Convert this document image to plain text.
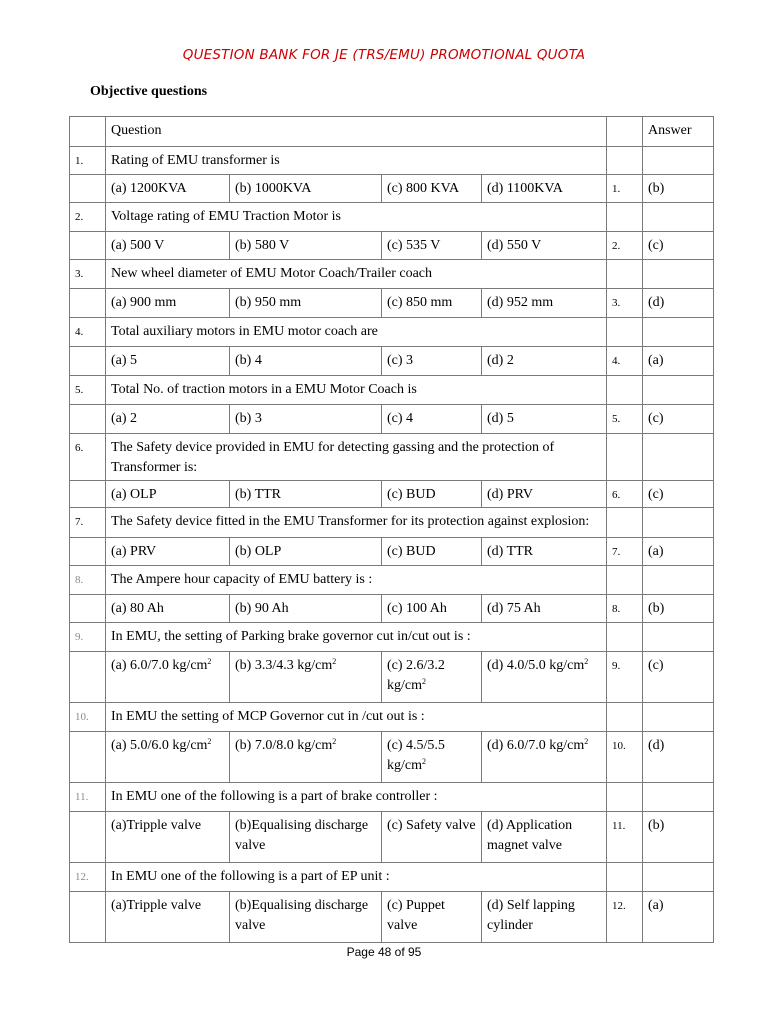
QUESTION BANK FOR JE (TRS/EMU) PROMOTIONAL QUOTA
Objective questions
	Question					Answer
1.	Rating of EMU transformer is					
	(a) 1200KVA	(b) 1000KVA	(c) 800 KVA	(d) 1100KVA	1.	(b)
2.	Voltage rating of EMU Traction Motor is					
	(a) 500 V	(b) 580 V	(c) 535 V	(d) 550 V	2.	(c)
3.	New wheel diameter of EMU Motor Coach/Trailer coach					
	(a) 900 mm	(b) 950 mm	(c) 850 mm	(d) 952 mm	3.	(d)
4.	Total auxiliary motors in EMU motor coach are					
	(a) 5	(b) 4	(c) 3	(d) 2	4.	(a)
5.	Total No. of traction motors in a EMU Motor Coach is					
	(a) 2	(b) 3	(c) 4	(d) 5	5.	(c)
6.	The Safety device provided in EMU for detecting gassing and the protection of Transformer is:					
	(a) OLP	(b) TTR	(c) BUD	(d) PRV	6.	(c)
7.	The Safety device fitted in the EMU Transformer for its protection against explosion:					
	(a) PRV	(b) OLP	(c) BUD	(d) TTR	7.	(a)
8.	The Ampere hour capacity of EMU battery is :					
	(a) 80 Ah	(b) 90 Ah	(c) 100 Ah	(d) 75 Ah	8.	(b)
9.	In EMU, the setting of Parking brake governor cut in/cut out is :					
	(a) 6.0/7.0 $kg/cm^2$	(b) 3.3/4.3 $kg/cm^2$	(c) 2.6/3.2 $kg/cm^2$	(d) 4.0/5.0 $kg/cm^2$	9.	(c)
10.	In EMU the setting of MCP Governor cut in /cut out is :					
	(a) 5.0/6.0 $kg/cm^2$	(b) 7.0/8.0 $kg/cm^2$	(c) 4.5/5.5 $kg/cm^2$	(d) 6.0/7.0 $kg/cm^2$	10.	(d)
11.	In EMU one of the following is a part of brake controller :					
	(a)Tripple valve	(b)Equalising discharge valve	(c) Safety valve	(d) Application magnet valve	11.	(b)
12.	In EMU one of the following is a part of EP unit :					
	(a)Tripple valve	(b)Equalising discharge valve	(c) Puppet valve	(d) Self lapping cylinder	12.	(a)
Page 48 of 95
